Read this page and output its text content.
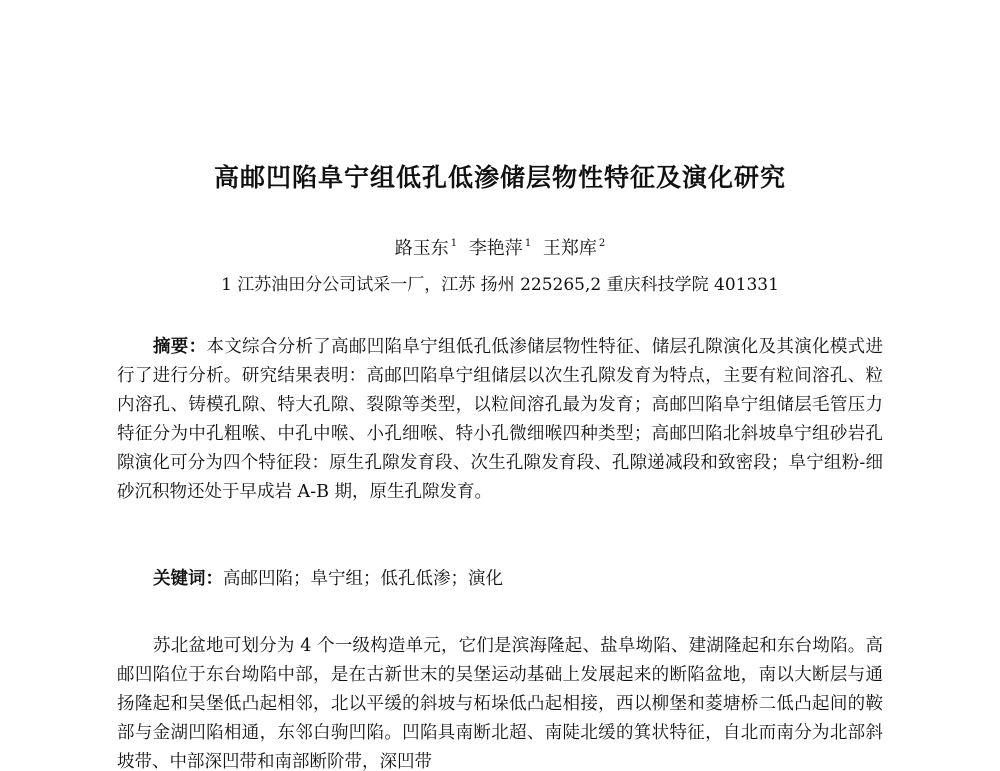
高邮凹陷阜宁组低孔低渗储层物性特征及演化研究
路玉东 $^1$ 李艳萍 $^1$ 王郑库 $^2$
1 江苏油田分公司试采一厂，江苏 扬州 225265,2 重庆科技学院 401331

摘要：本文综合分析了高邮凹陷阜宁组低孔低渗储层物性特征、储层孔隙演化及其演化模式进行了进行分析。研究结果表明：高邮凹陷阜宁组储层以次生孔隙发育为特点，主要有粒间溶孔、粒内溶孔、铸模孔隙、特大孔隙、裂隙等类型，以粒间溶孔最为发育；高邮凹陷阜宁组储层毛管压力特征分为中孔粗喉、中孔中喉、小孔细喉、特小孔微细喉四种类型；高邮凹陷北斜坡阜宁组砂岩孔隙演化可分为四个特征段：原生孔隙发育段、次生孔隙发育段、孔隙递减段和致密段；阜宁组粉-细砂沉积物还处于早成岩 A-B 期，原生孔隙发育。

关键词：高邮凹陷；阜宁组；低孔低渗；演化

苏北盆地可划分为 4 个一级构造单元，它们是滨海隆起、盐阜坳陷、建湖隆起和东台坳陷。高邮凹陷位于东台坳陷中部，是在古新世末的吴堡运动基础上发展起来的断陷盆地，南以大断层与通扬隆起和吴堡低凸起相邻，北以平缓的斜坡与柘垛低凸起相接，西以柳堡和菱塘桥二低凸起间的鞍部与金湖凹陷相通，东邻白驹凹陷。凹陷具南断北超、南陡北缓的箕状特征，自北而南分为北部斜坡带、中部深凹带和南部断阶带，深凹带
